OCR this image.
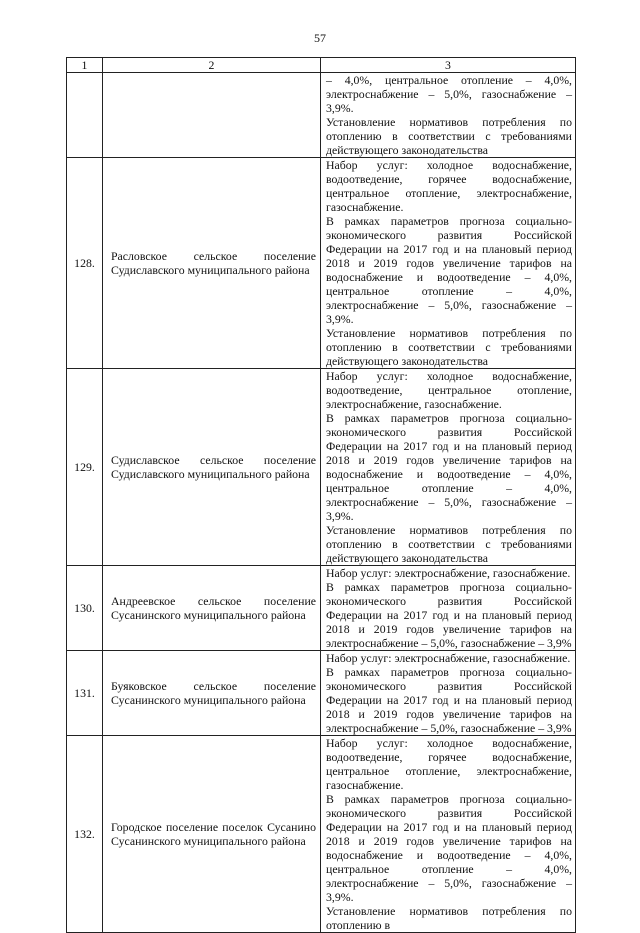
57
1	2	3

		– 4,0%, центральное отопление – 4,0%, электроснабжение – 5,0%, газоснабжение – 3,9%.

Установление нормативов потребления по отоплению в соответствии с требованиями действующего законодательства

128.	Расловское сельское поселение Судиславского муниципального района	Набор услуг: холодное водоснабжение, водоотведение, горячее водоснабжение, центральное отопление, электроснабжение, газоснабжение.

В рамках параметров прогноза социально-экономического развития Российской Федерации на 2017 год и на плановый период 2018 и 2019 годов увеличение тарифов на водоснабжение и водоотведение – 4,0%, центральное отопление – 4,0%, электроснабжение – 5,0%, газоснабжение – 3,9%.

Установление нормативов потребления по отоплению в соответствии с требованиями действующего законодательства

129.	Судиславское сельское поселение Судиславского муниципального района	Набор услуг: холодное водоснабжение, водоотведение, центральное отопление, электроснабжение, газоснабжение.

В рамках параметров прогноза социально-экономического развития Российской Федерации на 2017 год и на плановый период 2018 и 2019 годов увеличение тарифов на водоснабжение и водоотведение – 4,0%, центральное отопление – 4,0%, электроснабжение – 5,0%, газоснабжение – 3,9%.

Установление нормативов потребления по отоплению в соответствии с требованиями действующего законодательства

130.	Андреевское сельское поселение Сусанинского муниципального района	Набор услуг: электроснабжение, газоснабжение.

В рамках параметров прогноза социально-экономического развития Российской Федерации на 2017 год и на плановый период 2018 и 2019 годов увеличение тарифов на электроснабжение – 5,0%, газоснабжение – 3,9%

131.	Буяковское сельское поселение Сусанинского муниципального района	Набор услуг: электроснабжение, газоснабжение.

В рамках параметров прогноза социально-экономического развития Российской Федерации на 2017 год и на плановый период 2018 и 2019 годов увеличение тарифов на электроснабжение – 5,0%, газоснабжение – 3,9%

132.	Городское поселение поселок Сусанино Сусанинского муниципального района	Набор услуг: холодное водоснабжение, водоотведение, горячее водоснабжение, центральное отопление, электроснабжение, газоснабжение.

В рамках параметров прогноза социально-экономического развития Российской Федерации на 2017 год и на плановый период 2018 и 2019 годов увеличение тарифов на водоснабжение и водоотведение – 4,0%, центральное отопление – 4,0%, электроснабжение – 5,0%, газоснабжение – 3,9%.

Установление нормативов потребления по отоплению в
